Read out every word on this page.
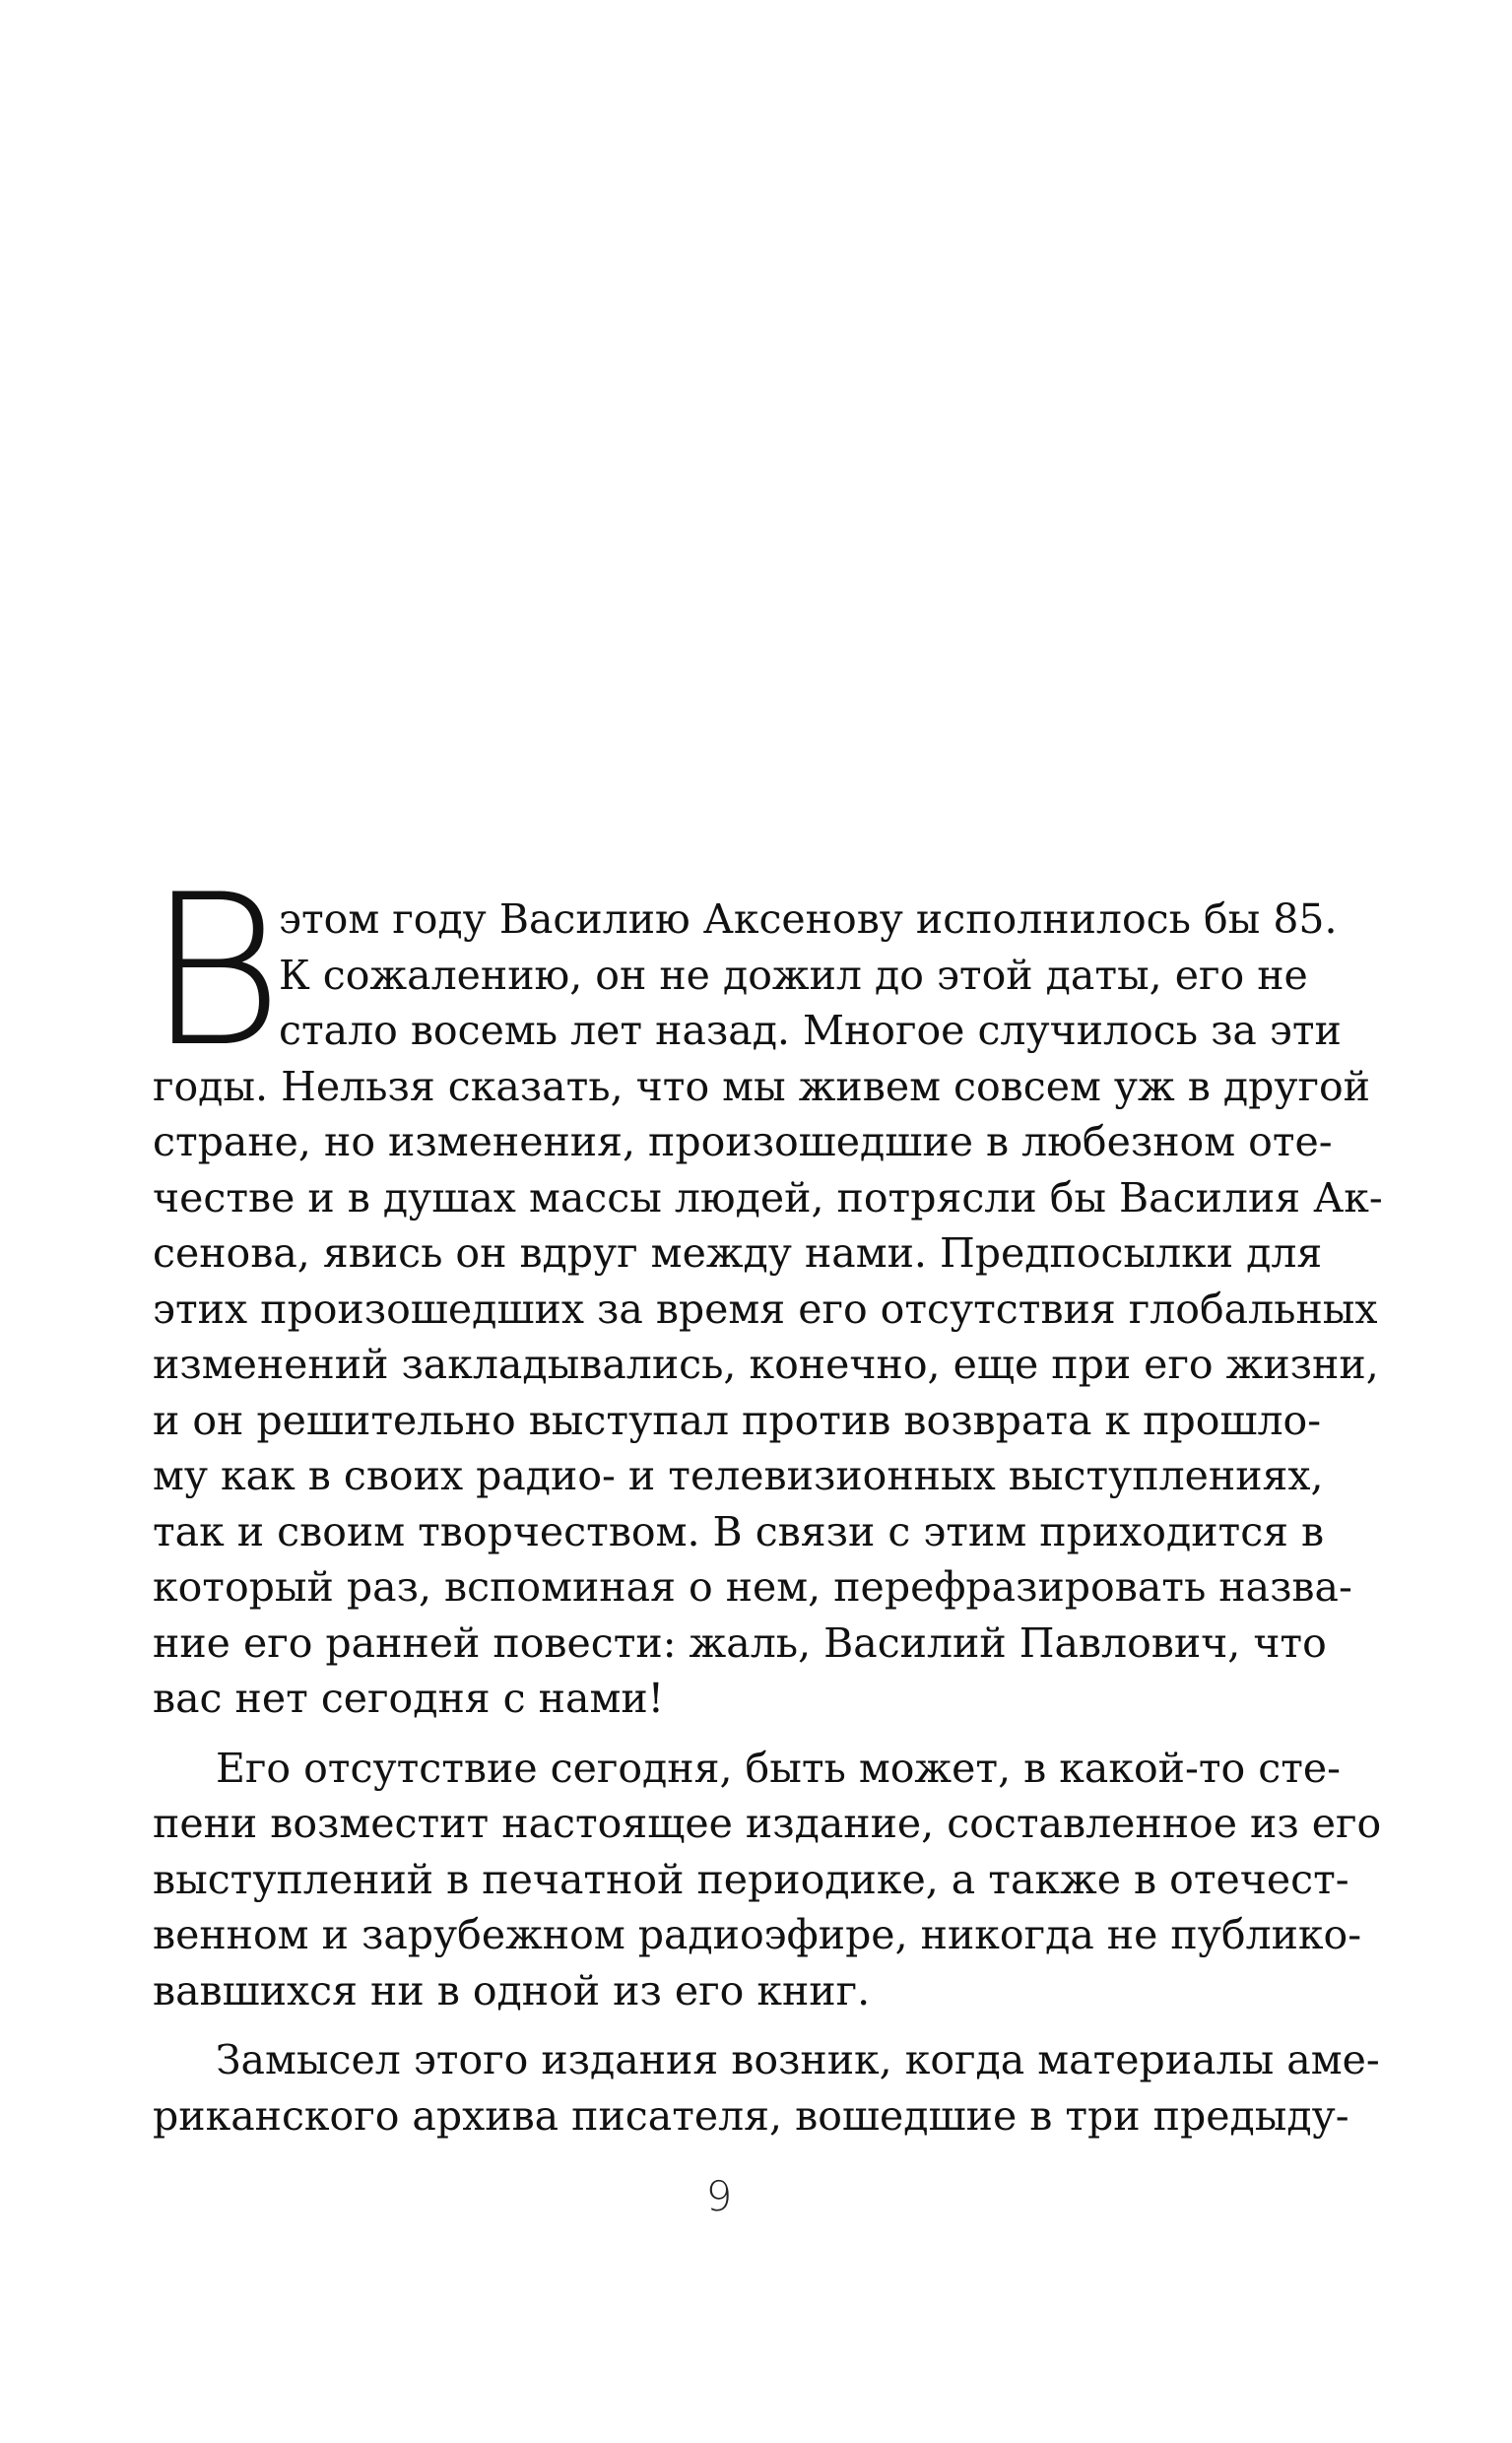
В
этом году Василию Аксенову исполнилось бы 85.
К сожалению, он не дожил до этой даты, его не
стало восемь лет назад. Многое случилось за эти
годы. Нельзя сказать, что мы живем совсем уж в другой
стране, но изменения, произошедшие в любезном оте-
честве и в душах массы людей, потрясли бы Василия Ак-
сенова, явись он вдруг между нами. Предпосылки для
этих произошедших за время его отсутствия глобальных
изменений закладывались, конечно, еще при его жизни,
и он решительно выступал против возврата к прошло-
му как в своих радио- и телевизионных выступлениях,
так и своим творчеством. В связи с этим приходится в
который раз, вспоминая о нем, перефразировать назва-
ние его ранней повести: жаль, Василий Павлович, что
вас нет сегодня с нами!
Его отсутствие сегодня, быть может, в какой-то сте-
пени возместит настоящее издание, составленное из его
выступлений в печатной периодике, а также в отечест-
венном и зарубежном радиоэфире, никогда не публико-
вавшихся ни в одной из его книг.
Замысел этого издания возник, когда материалы аме-
риканского архива писателя, вошедшие в три предыду-
9
